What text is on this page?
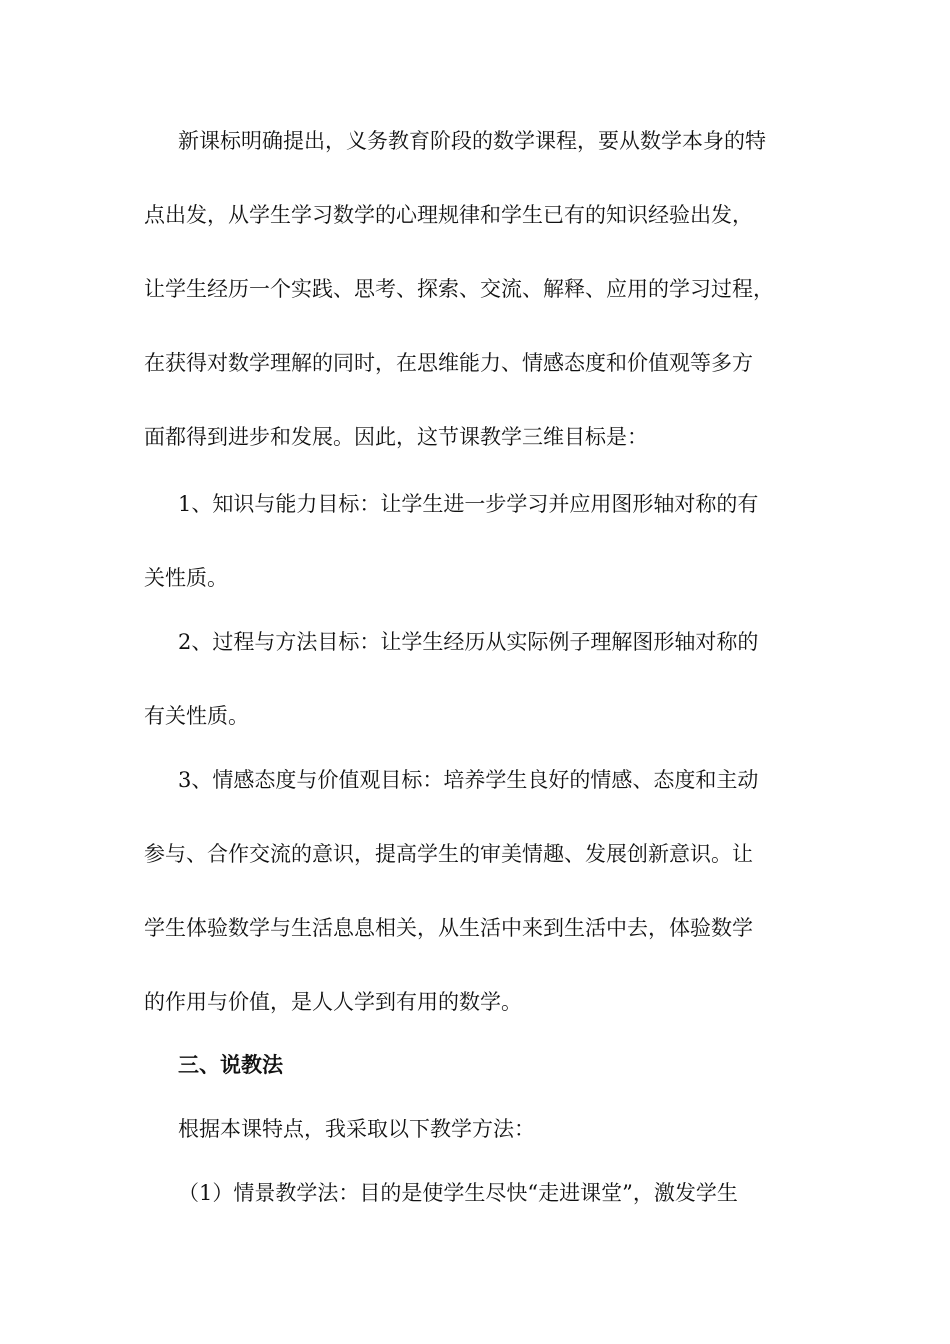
新课标明确提出，义务教育阶段的数学课程，要从数学本身的特
点出发，从学生学习数学的心理规律和学生已有的知识经验出发，
让学生经历一个实践、思考、探索、交流、解释、应用的学习过程，
在获得对数学理解的同时，在思维能力、情感态度和价值观等多方
面都得到进步和发展。因此，这节课教学三维目标是：
1、知识与能力目标：让学生进一步学习并应用图形轴对称的有
关性质。
2、过程与方法目标：让学生经历从实际例子理解图形轴对称的
有关性质。
3、情感态度与价值观目标：培养学生良好的情感、态度和主动
参与、合作交流的意识，提高学生的审美情趣、发展创新意识。让
学生体验数学与生活息息相关，从生活中来到生活中去，体验数学
的作用与价值，是人人学到有用的数学。
三、说教法
根据本课特点，我采取以下教学方法：
（1）情景教学法：目的是使学生尽快“走进课堂”，激发学生
